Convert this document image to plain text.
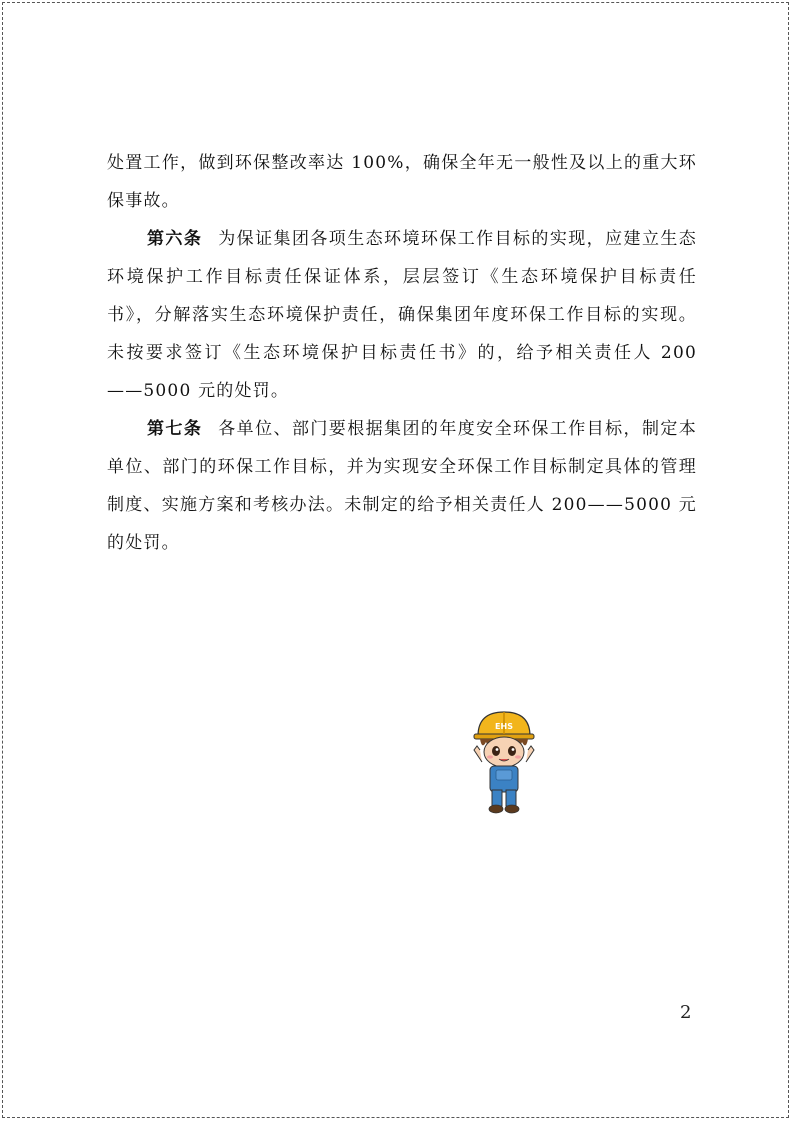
处置工作，做到环保整改率达 100%，确保全年无一般性及以上的重大环保事故。

第六条 为保证集团各项生态环境环保工作目标的实现，应建立生态环境保护工作目标责任保证体系，层层签订《生态环境保护目标责任书》，分解落实生态环境保护责任，确保集团年度环保工作目标的实现。未按要求签订《生态环境保护目标责任书》的，给予相关责任人 200 ——5000 元的处罚。

第七条 各单位、部门要根据集团的年度安全环保工作目标，制定本单位、部门的环保工作目标，并为实现安全环保工作目标制定具体的管理制度、实施方案和考核办法。未制定的给予相关责任人 200——5000 元的处罚。

EHS
2
